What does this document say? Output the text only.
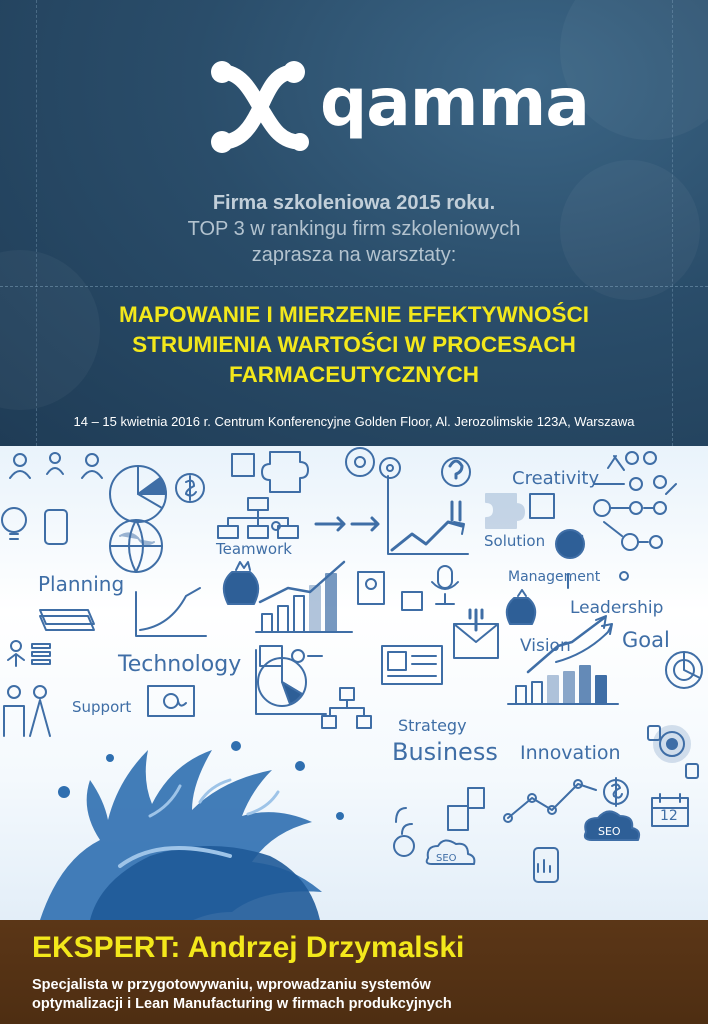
qamma
Firma szkoleniowa 2015 roku.
TOP 3 w rankingu firm szkoleniowych
zaprasza na warsztaty:
MAPOWANIE I MIERZENIE EFEKTYWNOŚCI
STRUMIENIA WARTOŚCI W PROCESACH
FARMACEUTYCZNYCH
14 – 15 kwietnia 2016 r. Centrum Konferencyjne Golden Floor, Al. Jerozolimskie 123A, Warszawa
Creativity
Solution
Teamwork
Planning	Management
Leadership
Vision Goal
Technology
Support
Strategy
Business Innovation
SEO
SEO
12
EKSPERT: Andrzej Drzymalski
Specjalista w przygotowywaniu, wprowadzaniu systemów
optymalizacji i Lean Manufacturing w firmach produkcyjnych
